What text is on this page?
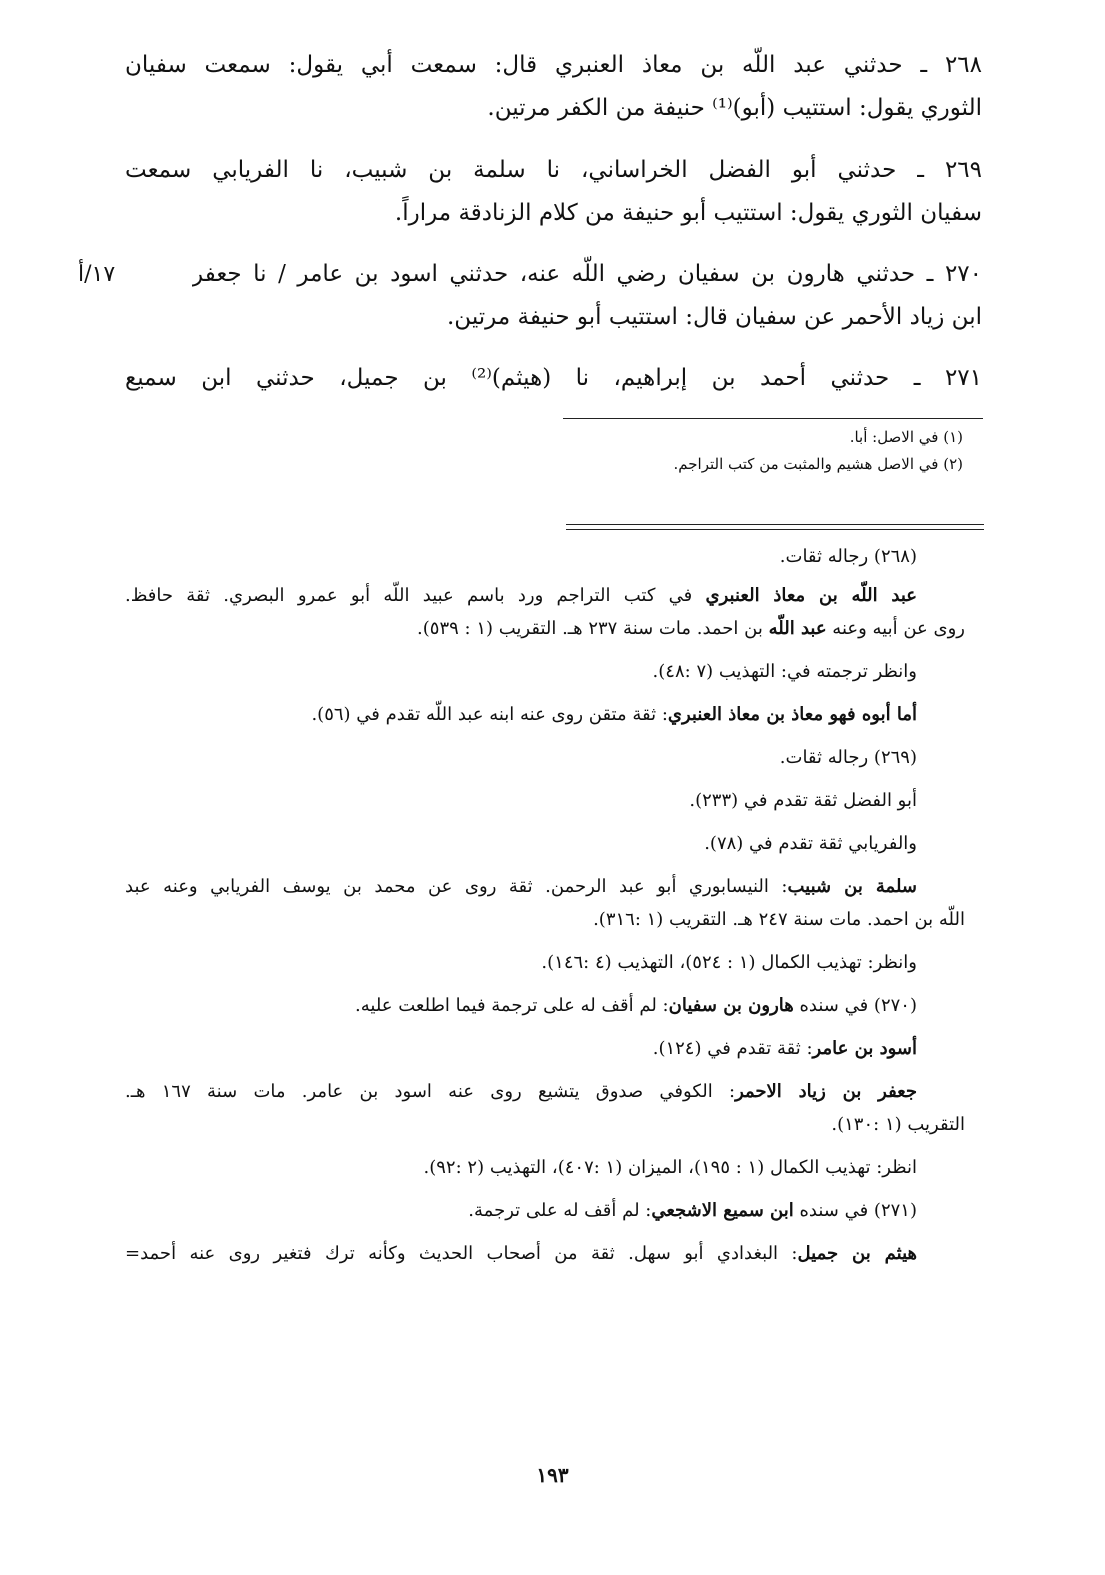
٢٦٨ ـ حدثني عبد اللّه بن معاذ العنبري قال: سمعت أبي يقول: سمعت سفيان
الثوري يقول: استتيب (أبو)⁽¹⁾ حنيفة من الكفر مرتين.
٢٦٩ ـ حدثني أبو الفضل الخراساني، نا سلمة بن شبيب، نا الفريابي سمعت
سفيان الثوري يقول: استتيب أبو حنيفة من كلام الزنادقة مراراً.
٢٧٠ ـ حدثني هارون بن سفيان رضي اللّه عنه، حدثني اسود بن عامر / نا جعفر
١٧/أ
ابن زياد الأحمر عن سفيان قال: استتيب أبو حنيفة مرتين.
٢٧١ ـ حدثني أحمد بن إبراهيم، نا (هيثم)⁽²⁾ بن جميل، حدثني ابن سميع
(١) في الاصل: أبا.
(٢) في الاصل هشيم والمثبت من كتب التراجم.
(٢٦٨) رجاله ثقات.
عبد اللّه بن معاذ العنبري في كتب التراجم ورد باسم عبيد اللّه أبو عمرو البصري. ثقة حافظ.
روى عن أبيه وعنه عبد اللّه بن احمد. مات سنة ٢٣٧ هـ. التقريب (١ : ٥٣٩).
وانظر ترجمته في: التهذيب (٧ :٤٨).
أما أبوه فهو معاذ بن معاذ العنبري: ثقة متقن روى عنه ابنه عبد اللّه تقدم في (٥٦).
(٢٦٩) رجاله ثقات.
أبو الفضل ثقة تقدم في (٢٣٣).
والفريابي ثقة تقدم في (٧٨).
سلمة بن شبيب: النيسابوري أبو عبد الرحمن. ثقة روى عن محمد بن يوسف الفريابي وعنه عبد
اللّه بن احمد. مات سنة ٢٤٧ هـ. التقريب (١ :٣١٦).
وانظر: تهذيب الكمال (١ : ٥٢٤)، التهذيب (٤ :١٤٦).
(٢٧٠) في سنده هارون بن سفيان: لم أقف له على ترجمة فيما اطلعت عليه.
أسود بن عامر: ثقة تقدم في (١٢٤).
جعفر بن زياد الاحمر: الكوفي صدوق يتشيع روى عنه اسود بن عامر. مات سنة ١٦٧ هـ.
التقريب (١ :١٣٠).
انظر: تهذيب الكمال (١ : ١٩٥)، الميزان (١ :٤٠٧)، التهذيب (٢ :٩٢).
(٢٧١) في سنده ابن سميع الاشجعي: لم أقف له على ترجمة.
هيثم بن جميل: البغدادي أبو سهل. ثقة من أصحاب الحديث وكأنه ترك فتغير روى عنه أحمد=
١٩٣
